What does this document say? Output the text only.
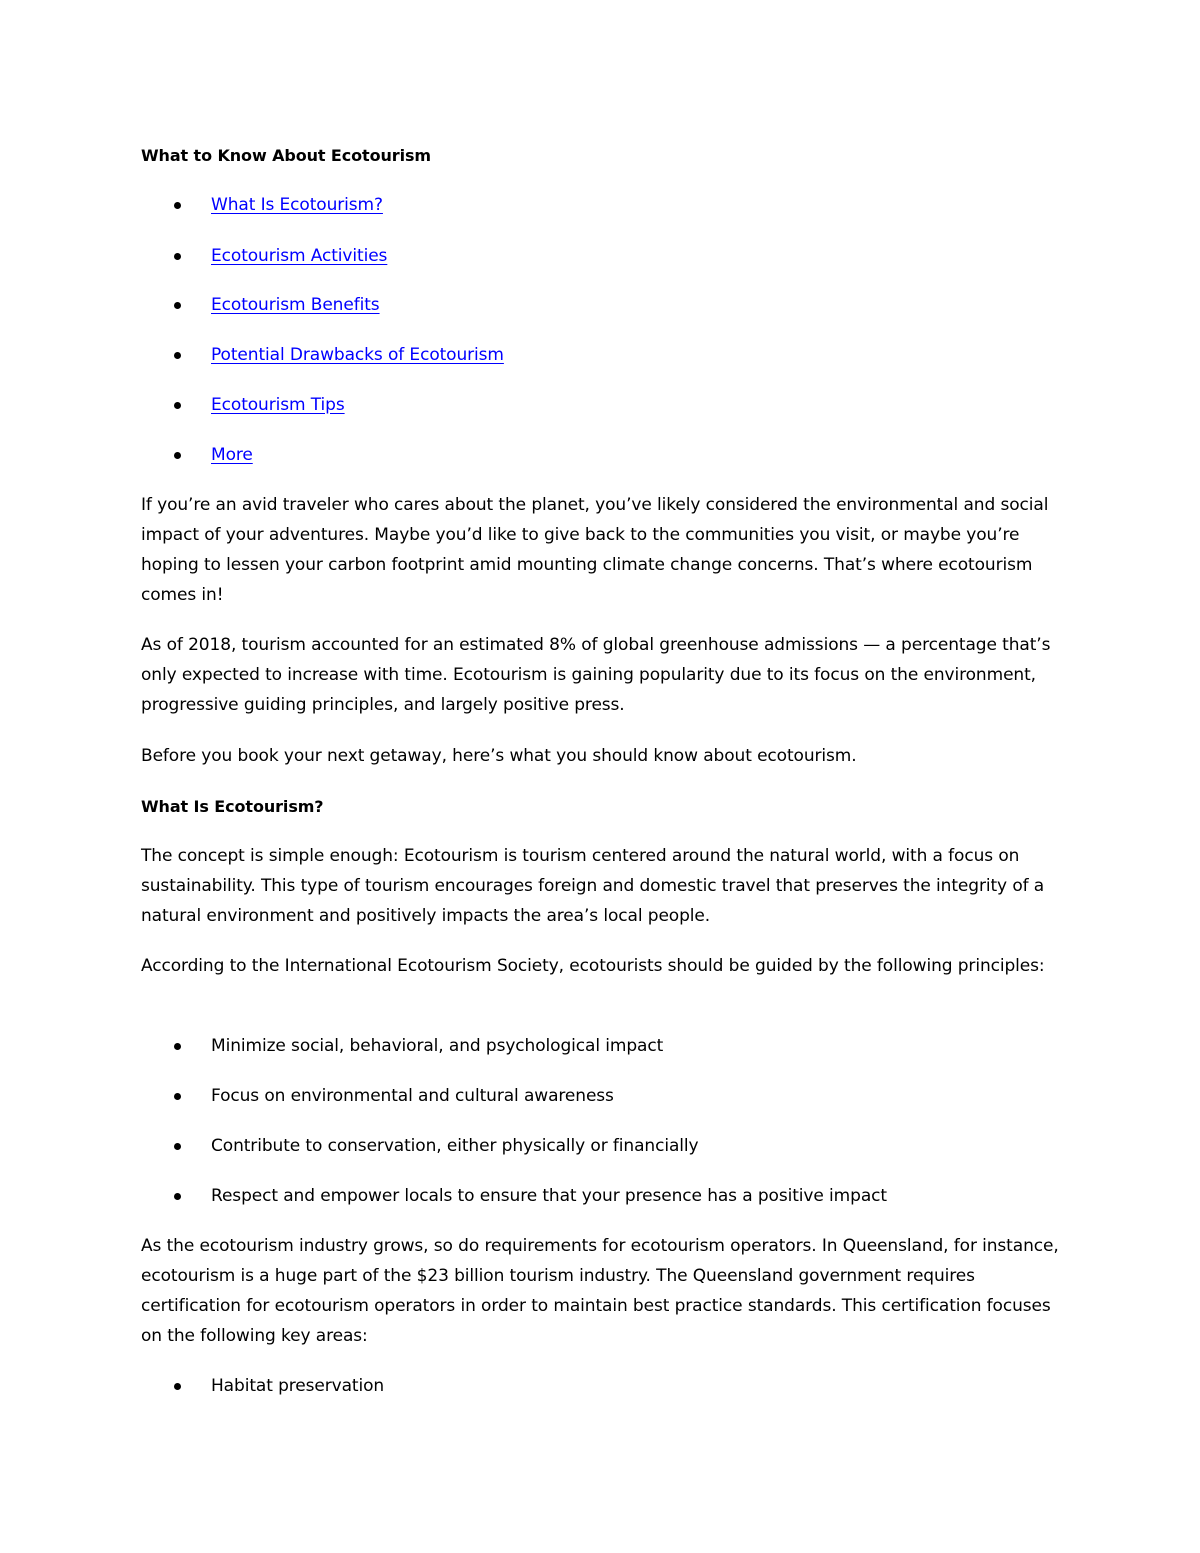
What to Know About Ecotourism
What Is Ecotourism?
Ecotourism Activities
Ecotourism Benefits
Potential Drawbacks of Ecotourism
Ecotourism Tips
More

If you’re an avid traveler who cares about the planet, you’ve likely considered the environmental and social impact of your adventures. Maybe you’d like to give back to the communities you visit, or maybe you’re hoping to lessen your carbon footprint amid mounting climate change concerns. That’s where ecotourism comes in!

As of 2018, tourism accounted for an estimated 8% of global greenhouse admissions — a percentage that’s only expected to increase with time. Ecotourism is gaining popularity due to its focus on the environment, progressive guiding principles, and largely positive press.

Before you book your next getaway, here’s what you should know about ecotourism.

What Is Ecotourism?

The concept is simple enough: Ecotourism is tourism centered around the natural world, with a focus on sustainability. This type of tourism encourages foreign and domestic travel that preserves the integrity of a natural environment and positively impacts the area’s local people.

According to the International Ecotourism Society, ecotourists should be guided by the following principles:

Minimize social, behavioral, and psychological impact
Focus on environmental and cultural awareness
Contribute to conservation, either physically or financially
Respect and empower locals to ensure that your presence has a positive impact

As the ecotourism industry grows, so do requirements for ecotourism operators. In Queensland, for instance, ecotourism is a huge part of the $23 billion tourism industry. The Queensland government requires certification for ecotourism operators in order to maintain best practice standards. This certification focuses on the following key areas:

Habitat preservation
